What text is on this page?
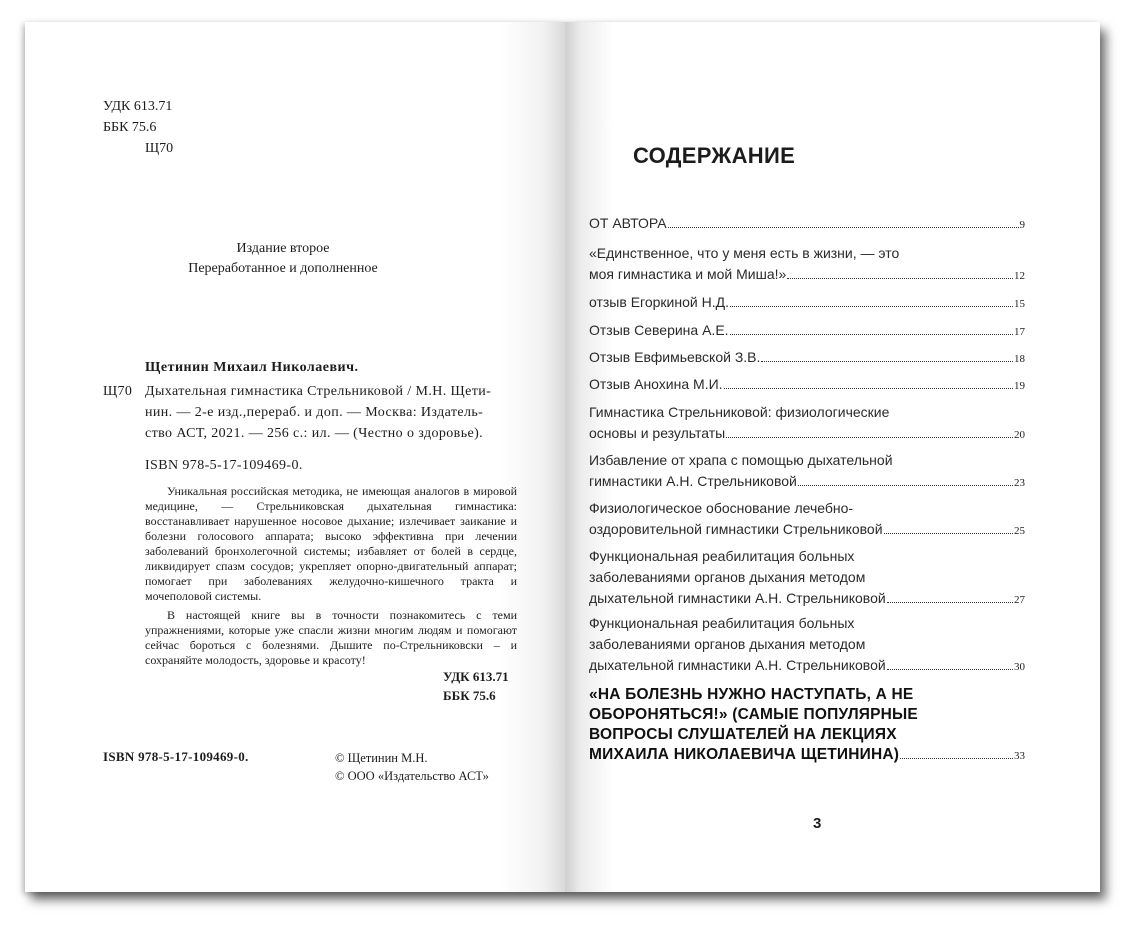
УДК 613.71
ББК 75.6
Щ70
Издание второе
Переработанное и дополненное
Щетинин Михаил Николаевич.
Щ70 Дыхательная гимнастика Стрельниковой / М.Н. Щети-
нин. — 2-е изд.,перераб. и доп. — Москва: Издатель-
ство АСТ, 2021. — 256 с.: ил. — (Честно о здоровье).
ISBN 978-5-17-109469-0.

Уникальная российская методика, не имеющая аналогов в мировой медицине, — Стрельниковская дыхательная гимнастика: восстанавливает нарушенное носовое дыхание; излечивает заикание и болезни голосового аппарата; высоко эффективна при лечении заболеваний бронхолегочной системы; избавляет от болей в сердце, ликвидирует спазм сосудов; укрепляет опорно-двигательный аппарат; помогает при заболеваниях желудочно-кишечного тракта и мочеполовой системы.

В настоящей книге вы в точности познакомитесь с теми упражнениями, которые уже спасли жизни многим людям и помогают сейчас бороться с болезнями. Дышите по-Стрельниковски – и сохраняйте молодость, здоровье и красоту!

УДК 613.71
ББК 75.6
ISBN 978-5-17-109469-0.	© Щетинин М.Н.
© ООО «Издательство АСТ»
СОДЕРЖАНИЕ
ОТ АВТОРА	9
«Единственное, что у меня есть в жизни, — это
моя гимнастика и мой Миша!»	12
отзыв Егоркиной Н.Д.	15
Отзыв Северина А.Е.	17
Отзыв Евфимьевской З.В.	18
Отзыв Анохина М.И.	19
Гимнастика Стрельниковой: физиологические
основы и результаты	20
Избавление от храпа с помощью дыхательной
гимнастики А.Н. Стрельниковой	23
Физиологическое обоснование лечебно-
оздоровительной гимнастики Стрельниковой	25
Функциональная реабилитация больных
заболеваниями органов дыхания методом
дыхательной гимнастики А.Н. Стрельниковой	27
Функциональная реабилитация больных
заболеваниями органов дыхания методом
дыхательной гимнастики А.Н. Стрельниковой	30
«НА БОЛЕЗНЬ НУЖНО НАСТУПАТЬ, А НЕ
ОБОРОНЯТЬСЯ!» (САМЫЕ ПОПУЛЯРНЫЕ
ВОПРОСЫ СЛУШАТЕЛЕЙ НА ЛЕКЦИЯХ
МИХАИЛА НИКОЛАЕВИЧА ЩЕТИНИНА)	33
3
